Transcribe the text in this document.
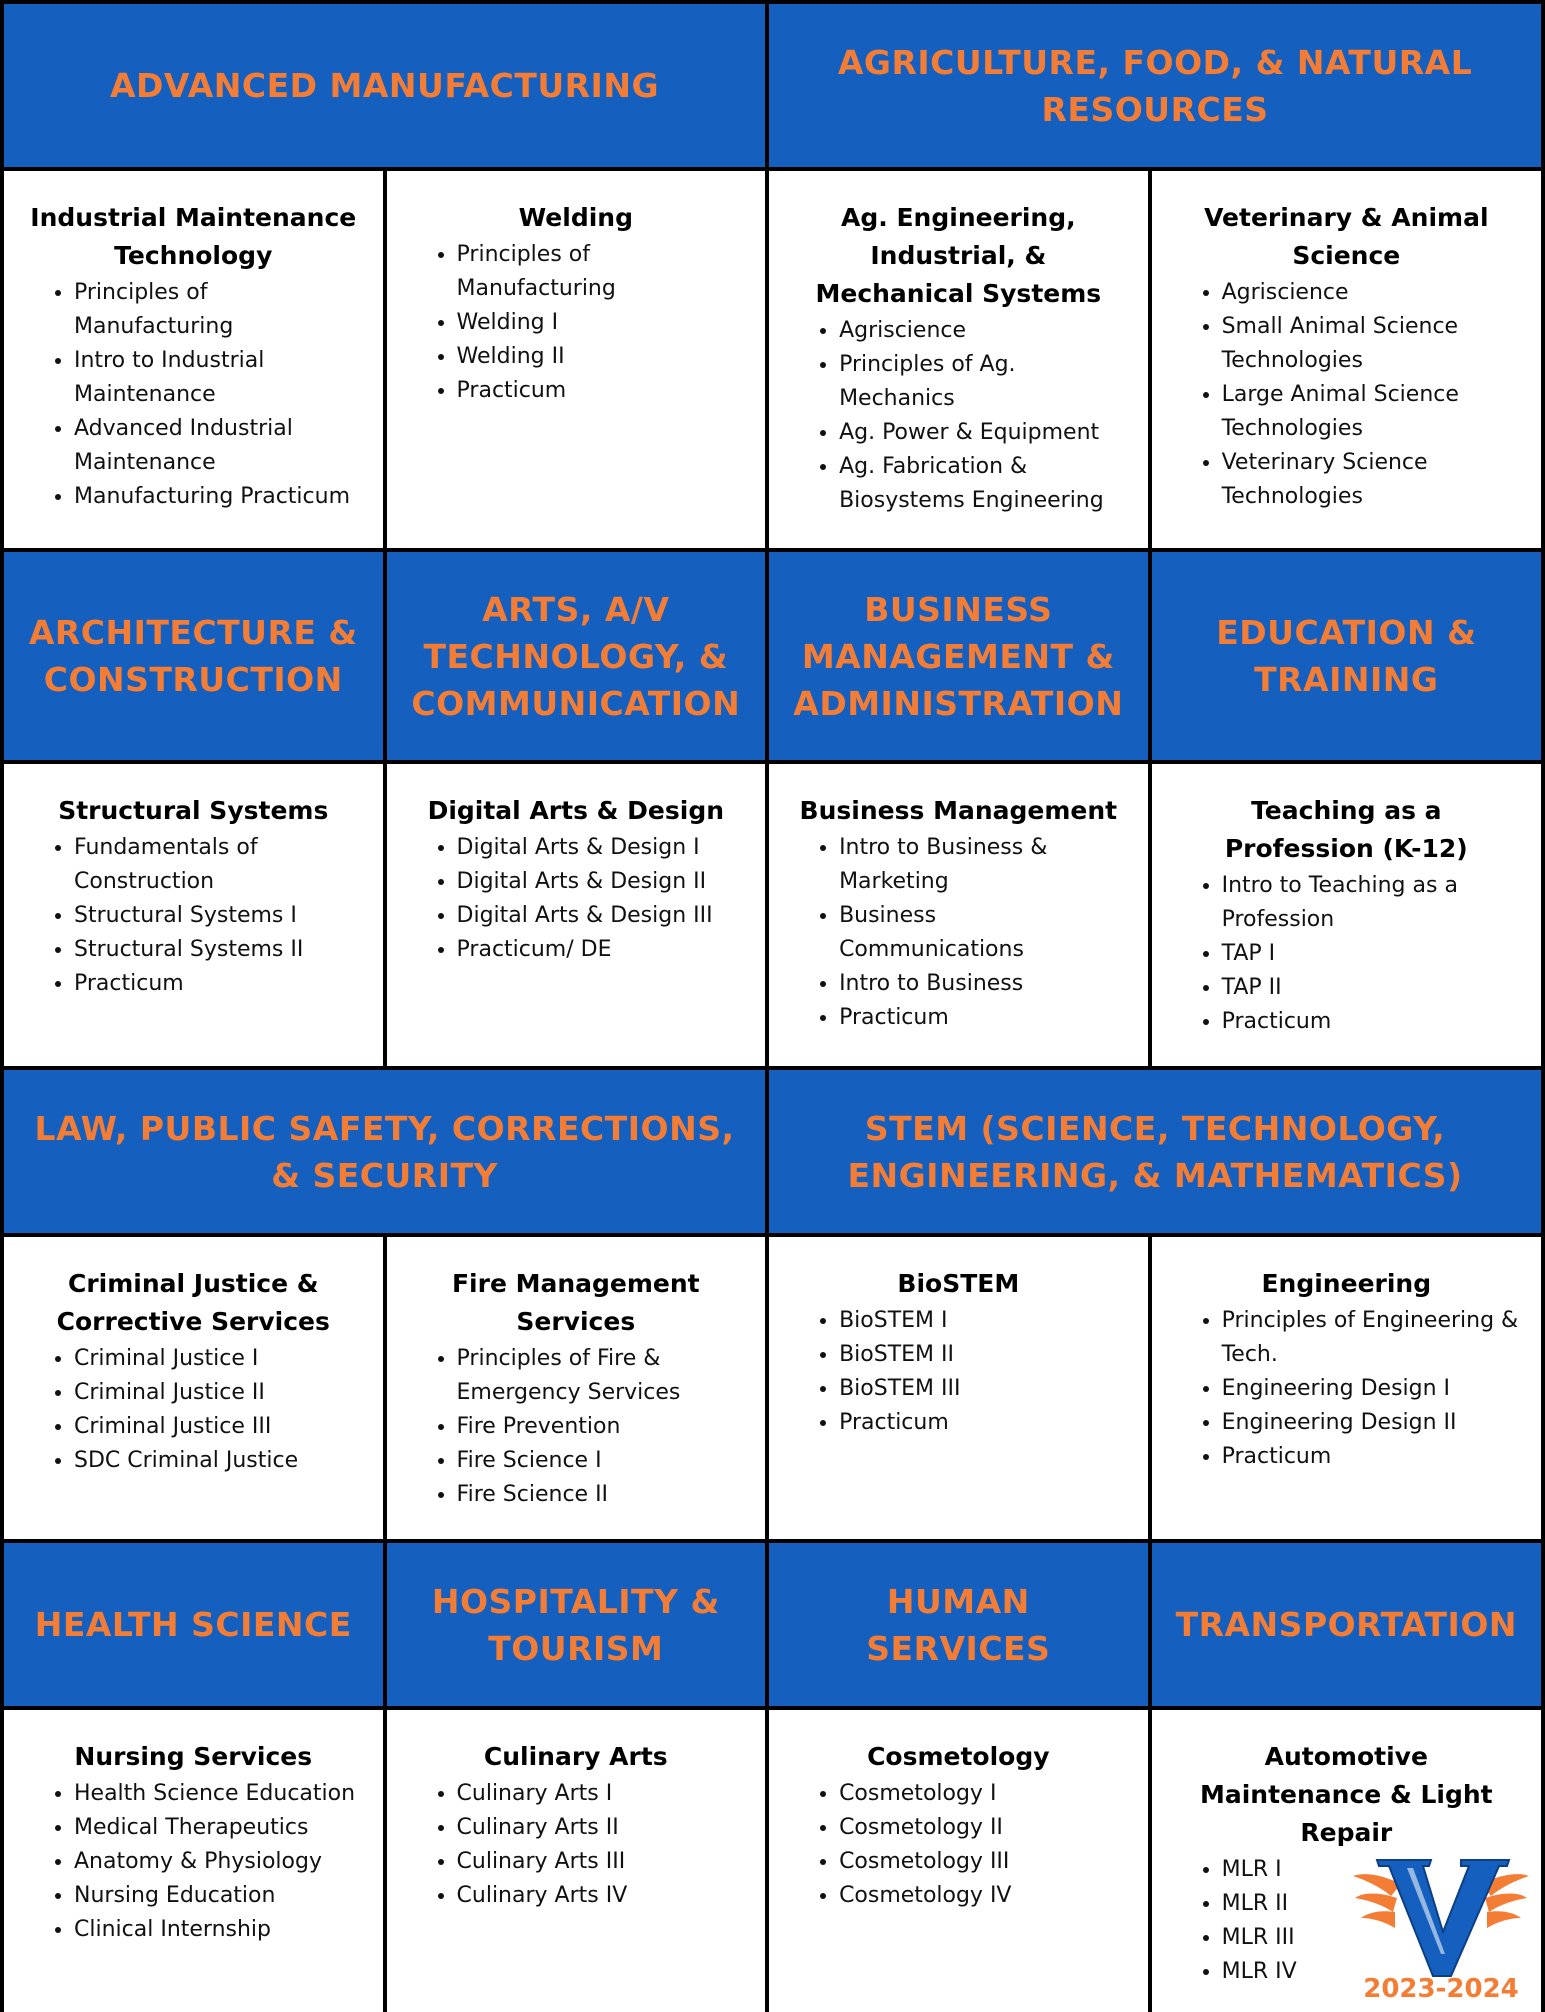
ADVANCED MANUFACTURING
AGRICULTURE, FOOD, & NATURAL RESOURCES
Industrial Maintenance Technology
• Principles of Manufacturing
• Intro to Industrial Maintenance
• Advanced Industrial Maintenance
• Manufacturing Practicum
Welding
• Principles of Manufacturing
• Welding I
• Welding II
• Practicum
Ag. Engineering, Industrial, & Mechanical Systems
• Agriscience
• Principles of Ag. Mechanics
• Ag. Power & Equipment
• Ag. Fabrication & Biosystems Engineering
Veterinary & Animal Science
• Agriscience
• Small Animal Science Technologies
• Large Animal Science Technologies
• Veterinary Science Technologies
ARCHITECTURE & CONSTRUCTION
ARTS, A/V TECHNOLOGY, & COMMUNICATION
BUSINESS MANAGEMENT & ADMINISTRATION
EDUCATION & TRAINING
Structural Systems
• Fundamentals of Construction
• Structural Systems I
• Structural Systems II
• Practicum
Digital Arts & Design
• Digital Arts & Design I
• Digital Arts & Design II
• Digital Arts & Design III
• Practicum/ DE
Business Management
• Intro to Business & Marketing
• Business Communications
• Intro to Business
• Practicum
Teaching as a Profession (K-12)
• Intro to Teaching as a Profession
• TAP I
• TAP II
• Practicum
LAW, PUBLIC SAFETY, CORRECTIONS, & SECURITY
STEM (SCIENCE, TECHNOLOGY, ENGINEERING, & MATHEMATICS)
Criminal Justice & Corrective Services
• Criminal Justice I
• Criminal Justice II
• Criminal Justice III
• SDC Criminal Justice
Fire Management Services
• Principles of Fire & Emergency Services
• Fire Prevention
• Fire Science I
• Fire Science II
BioSTEM
• BioSTEM I
• BioSTEM II
• BioSTEM III
• Practicum
Engineering
• Principles of Engineering & Tech.
• Engineering Design I
• Engineering Design II
• Practicum
HEALTH SCIENCE
HOSPITALITY & TOURISM
HUMAN SERVICES
TRANSPORTATION
Nursing Services
• Health Science Education
• Medical Therapeutics
• Anatomy & Physiology
• Nursing Education
• Clinical Internship
Culinary Arts
• Culinary Arts I
• Culinary Arts II
• Culinary Arts III
• Culinary Arts IV
Cosmetology
• Cosmetology I
• Cosmetology II
• Cosmetology III
• Cosmetology IV
Automotive Maintenance & Light Repair
• MLR I
• MLR II
• MLR III
• MLR IV
2023-2024
